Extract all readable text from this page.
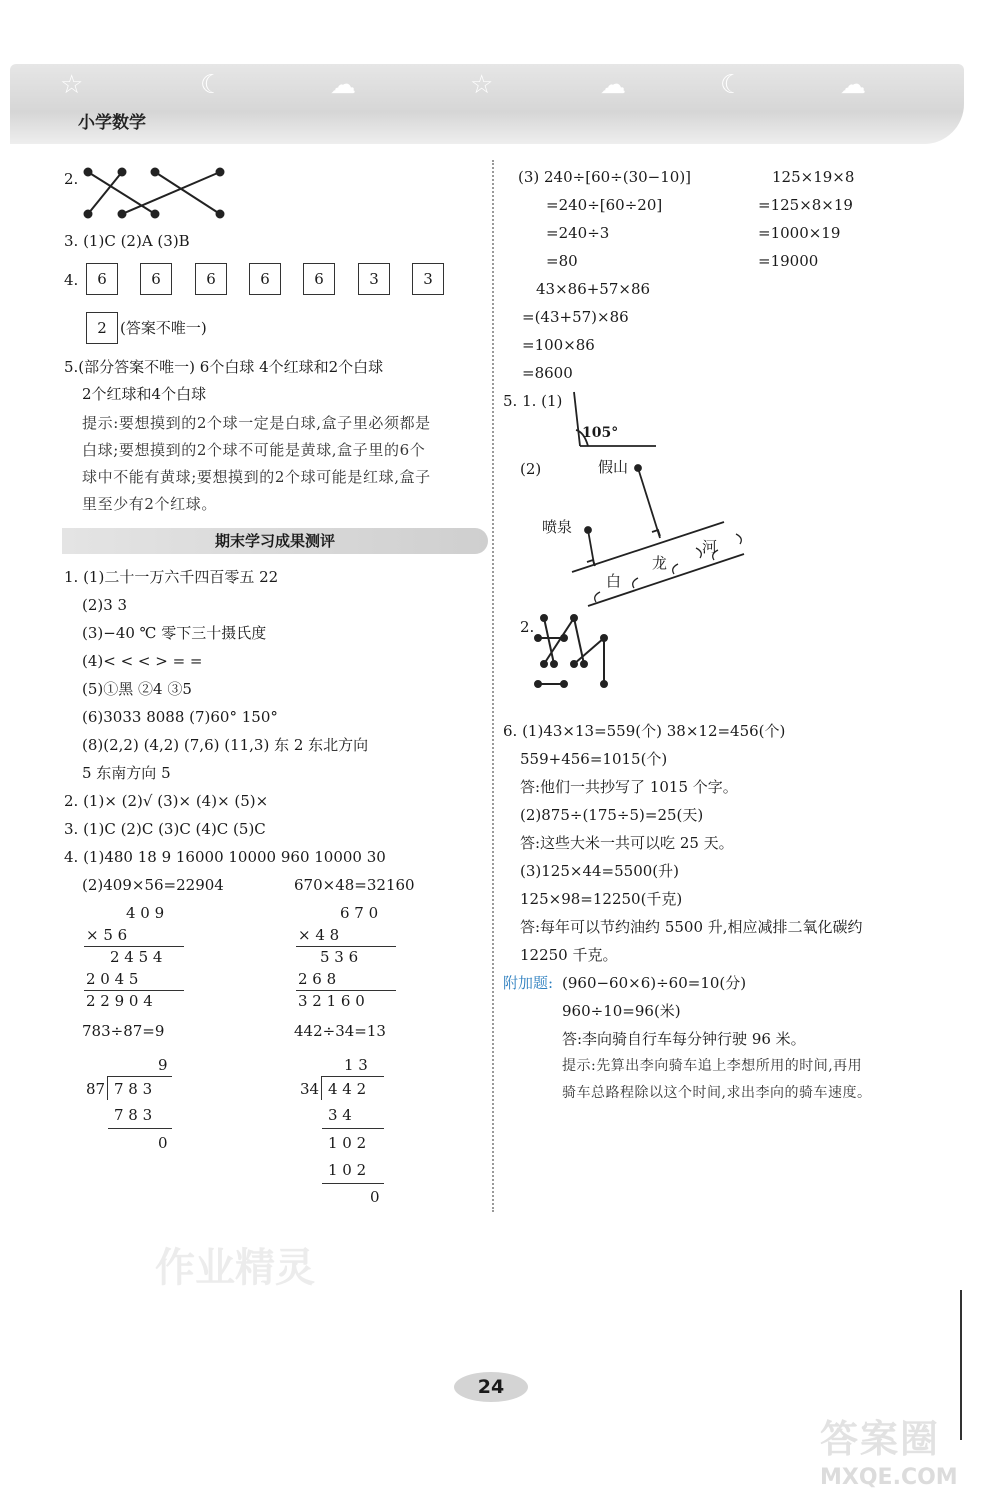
☆	☾	☁	☆	☁	☾	☁
小学数学
2.
3. (1)C (2)A (3)B
4.	6	6	6	6	6	3	3
2 (答案不唯一)
5.(部分答案不唯一) 6个白球 4个红球和2个白球
2个红球和4个白球
提示:要想摸到的2个球一定是白球,盒子里必须都是
白球;要想摸到的2个球不可能是黄球,盒子里的6个
球中不能有黄球;要想摸到的2个球可能是红球,盒子
里至少有2个红球。
期末学习成果测评
1. (1)二十一万六千四百零五 22
(2)3 3
(3)−40 ℃ 零下三十摄氏度
(4)< < < > = =
(5)①黑 ②4 ③5
(6)3033 8088 (7)60° 150°
(8)(2,2) (4,2) (7,6) (11,3) 东 2 东北方向
5 东南方向 5
2. (1)× (2)√ (3)× (4)× (5)×
3. (1)C (2)C (3)C (4)C (5)C
4. (1)480 18 9 16000 10000 960 10000 30
(2)409×56=22904	670×48=32160
4 0 9
× 5 6
2 4 5 4
2 0 4 5
2 2 9 0 4
6 7 0
× 4 8
5 3 6
2 6 8
3 2 1 6 0
783÷87=9	442÷34=13
9
87 7 8 3
7 8 3
0
1 3
34 4 4 2
3 4
1 0 2
1 0 2
0
作业精灵
(3) 240÷[60÷(30−10)]
=240÷[60÷20]
=240÷3
=80
125×19×8
=125×8×19
=1000×19
=19000
43×86+57×86
=(43+57)×86
=100×86
=8600
5. 1. (1)
105°
(2)	假山
喷泉
白
龙
河
2.
6. (1)43×13=559(个) 38×12=456(个)
559+456=1015(个)
答:他们一共抄写了 1015 个字。
(2)875÷(175÷5)=25(天)
答:这些大米一共可以吃 25 天。
(3)125×44=5500(升)
125×98=12250(千克)
答:每年可以节约油约 5500 升,相应减排二氧化碳约
12250 千克。
附加题: (960−60×6)÷60=10(分)
960÷10=96(米)
答:李向骑自行车每分钟行驶 96 米。
提示:先算出李向骑车追上李想所用的时间,再用
骑车总路程除以这个时间,求出李向的骑车速度。
24
答案圈
MXQE.COM
